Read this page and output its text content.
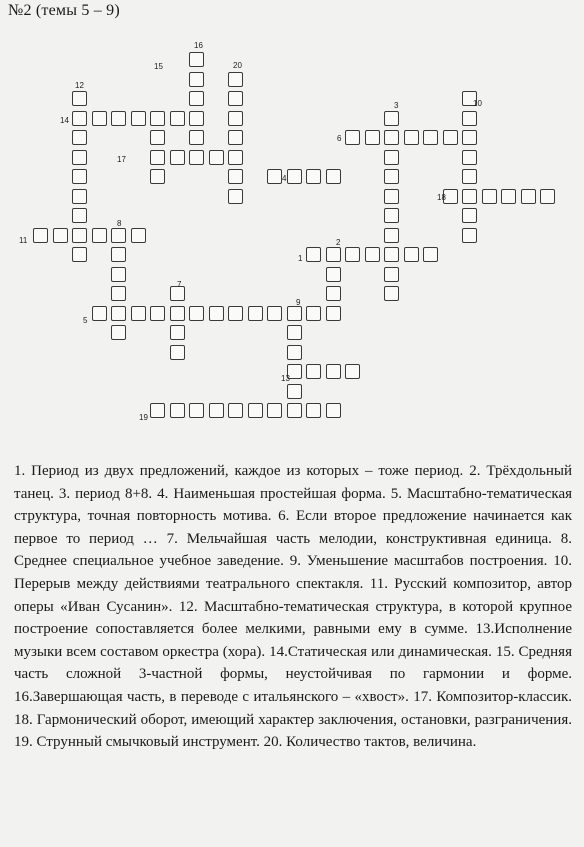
№2 (темы 5 – 9)
1
2
3
4
5
6
7
8
9
10
11
12
13
14
15
16
17
18
19
20
1. Период из двух предложений, каждое из которых – тоже период. 2. Трёхдольный танец. 3. период 8+8. 4. Наименьшая простейшая форма. 5. Масштабно-тематическая структура, точная повторность мотива. 6. Если второе предложение начинается как первое то период … 7. Мельчайшая часть мелодии, конструктивная единица. 8. Среднее специальное учебное заведение. 9. Уменьшение масштабов построения. 10. Перерыв между действиями театрального спектакля. 11. Русский композитор, автор оперы «Иван Сусанин». 12. Масштабно-тематическая структура, в которой крупное построение сопоставляется более мелкими, равными ему в сумме. 13.Исполнение музыки всем составом оркестра (хора). 14.Статическая или динамическая. 15. Средняя часть сложной 3-частной формы, неустойчивая по гармонии и форме. 16.Завершающая часть, в переводе с итальянского – «хвост». 17. Композитор-классик. 18. Гармонический оборот, имеющий характер заключения, остановки, разграничения. 19. Струнный смычковый инструмент. 20. Количество тактов, величина.
